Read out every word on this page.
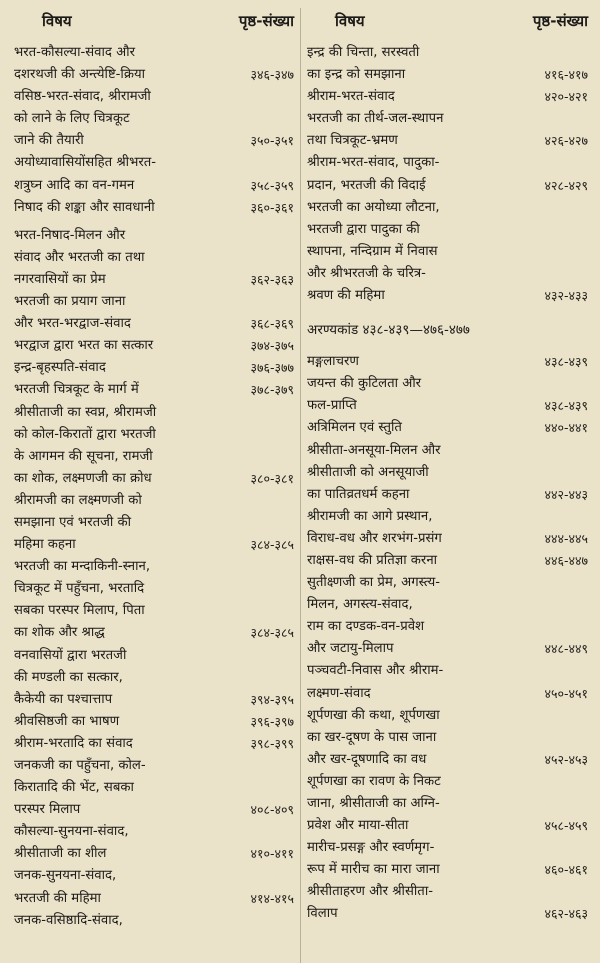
विषय	पृष्ठ-संख्या
भरत-कौसल्या-संवाद और
दशरथजी की अन्त्येष्टि-क्रिया	३४६-३४७
वसिष्ठ-भरत-संवाद, श्रीरामजी
को लाने के लिए चित्रकूट
जाने की तैयारी	३५०-३५१
अयोध्यावासियोंसहित श्रीभरत-
शत्रुघ्न आदि का वन-गमन	३५८-३५९
निषाद की शङ्का और सावधानी	३६०-३६१
भरत-निषाद-मिलन और
संवाद और भरतजी का तथा
नगरवासियों का प्रेम	३६२-३६३
भरतजी का प्रयाग जाना
और भरत-भरद्वाज-संवाद	३६८-३६९
भरद्वाज द्वारा भरत का सत्कार	३७४-३७५
इन्द्र-बृहस्पति-संवाद	३७६-३७७
भरतजी चित्रकूट के मार्ग में	३७८-३७९
श्रीसीताजी का स्वप्न, श्रीरामजी
को कोल-किरातों द्वारा भरतजी
के आगमन की सूचना, रामजी
का शोक, लक्ष्मणजी का क्रोध	३८०-३८१
श्रीरामजी का लक्ष्मणजी को
समझाना एवं भरतजी की
महिमा कहना	३८४-३८५
भरतजी का मन्दाकिनी-स्नान,
चित्रकूट में पहुँचना, भरतादि
सबका परस्पर मिलाप, पिता
का शोक और श्राद्ध	३८४-३८५
वनवासियों द्वारा भरतजी
की मण्डली का सत्कार,
कैकेयी का पश्चात्ताप	३९४-३९५
श्रीवसिष्ठजी का भाषण	३९६-३९७
श्रीराम-भरतादि का संवाद	३९८-३९९
जनकजी का पहुँचना, कोल-
किरातादि की भेंट, सबका
परस्पर मिलाप	४०८-४०९
कौसल्या-सुनयना-संवाद,
श्रीसीताजी का शील	४१०-४११
जनक-सुनयना-संवाद,
भरतजी की महिमा	४१४-४१५
जनक-वसिष्ठादि-संवाद,
विषय	पृष्ठ-संख्या
इन्द्र की चिन्ता, सरस्वती
का इन्द्र को समझाना	४१६-४१७
श्रीराम-भरत-संवाद	४२०-४२१
भरतजी का तीर्थ-जल-स्थापन
तथा चित्रकूट-भ्रमण	४२६-४२७
श्रीराम-भरत-संवाद, पादुका-
प्रदान, भरतजी की विदाई	४२८-४२९
भरतजी का अयोध्या लौटना,
भरतजी द्वारा पादुका की
स्थापना, नन्दिग्राम में निवास
और श्रीभरतजी के चरित्र-
श्रवण की महिमा	४३२-४३३
अरण्यकांड ४३८-४३९—४७६-४७७
मङ्गलाचरण	४३८-४३९
जयन्त की कुटिलता और
फल-प्राप्ति	४३८-४३९
अत्रिमिलन एवं स्तुति	४४०-४४१
श्रीसीता-अनसूया-मिलन और
श्रीसीताजी को अनसूयाजी
का पातिव्रतधर्म कहना	४४२-४४३
श्रीरामजी का आगे प्रस्थान,
विराध-वध और शरभंग-प्रसंग	४४४-४४५
राक्षस-वध की प्रतिज्ञा करना	४४६-४४७
सुतीक्ष्णजी का प्रेम, अगस्त्य-
मिलन, अगस्त्य-संवाद,
राम का दण्डक-वन-प्रवेश
और जटायु-मिलाप	४४८-४४९
पञ्चवटी-निवास और श्रीराम-
लक्ष्मण-संवाद	४५०-४५१
शूर्पणखा की कथा, शूर्पणखा
का खर-दूषण के पास जाना
और खर-दूषणादि का वध	४५२-४५३
शूर्पणखा का रावण के निकट
जाना, श्रीसीताजी का अग्नि-
प्रवेश और माया-सीता	४५८-४५९
मारीच-प्रसङ्ग और स्वर्णमृग-
रूप में मारीच का मारा जाना	४६०-४६१
श्रीसीताहरण और श्रीसीता-
विलाप	४६२-४६३
